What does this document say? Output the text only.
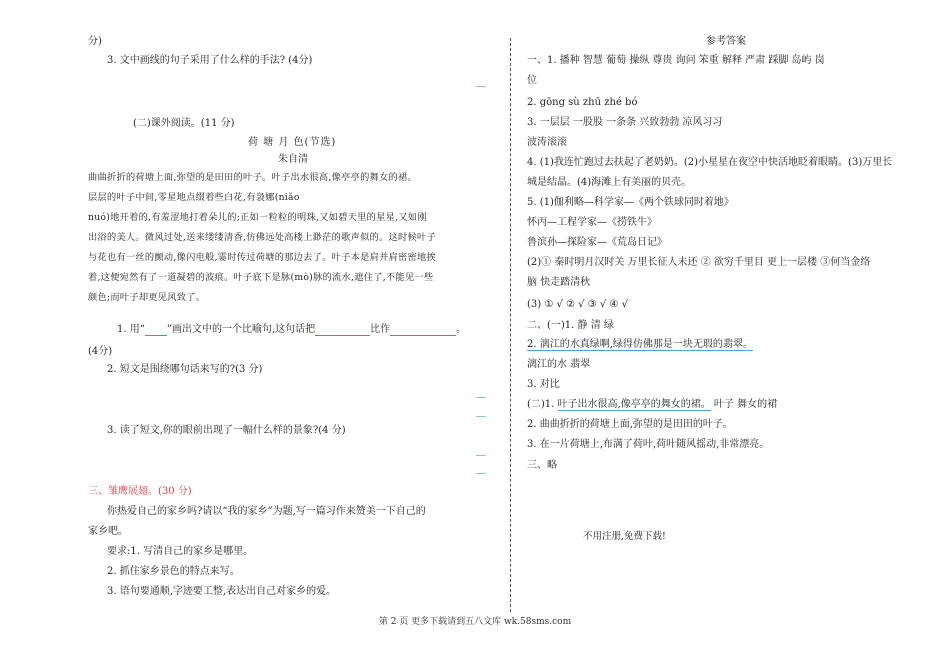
分)
3. 文中画线的句子采用了什么样的手法? (4分)
(二)课外阅读。(11 分)
荷 塘 月 色(节选)
朱自清
曲曲折折的荷塘上面,弥望的是田田的叶子。叶子出水很高,像亭亭的舞女的裙。
层层的叶子中间,零星地点缀着些白花,有袅娜(niǎo
nuó)地开着的,有羞涩地打着朵儿的;正如一粒粒的明珠,又如碧天里的星星,又如刚
出浴的美人。微风过处,送来缕缕清香,仿佛远处高楼上渺茫的歌声似的。这时候叶子
与花也有一丝的颤动,像闪电般,霎时传过荷塘的那边去了。叶子本是肩并肩密密地挨
着,这便宛然有了一道凝碧的波痕。叶子底下是脉(mò)脉的流水,遮住了,不能见一些
颜色;而叶子却更见风致了。
1. 用“ ”画出文中的一个比喻句,这句话把	比作	。
(4分)
2. 短文是围绕哪句话来写的?(3 分)
3. 读了短文,你的眼前出现了一幅什么样的景象?(4 分)
三、雏鹰展翅。(30 分)
你热爱自己的家乡吗?请以“我的家乡”为题,写一篇习作来赞美一下自己的
家乡吧。
要求:1. 写清自己的家乡是哪里。
2. 抓住家乡景色的特点来写。
3. 语句要通顺,字迹要工整,表达出自己对家乡的爱。
参考答案
一、1. 播种 智慧 葡萄 操纵 尊贵 询问 笨重 解释 严肃 踩脚 岛屿 岗
位
2. gōng sù zhū zhé bó
3. 一层层 一股股 一条条 兴致勃勃 凉风习习
波涛滚滚
4. (1)我连忙跑过去扶起了老奶奶。(2)小星星在夜空中快活地眨着眼睛。(3)万里长
城是结晶。(4)海滩上有美丽的贝壳。
5. (1)伽利略—科学家—《两个铁球同时着地》
怀丙—工程学家—《捞铁牛》
鲁滨孙—探险家—《荒岛日记》
(2)① 秦时明月汉时关 万里长征人未还 ② 欲穷千里目 更上一层楼 ③何当金络
脑 快走踏清秋
(3) ① √ ② √ ③ √ ④ √
二、(一)1. 静 清 绿
2. 漓江的水真绿啊,绿得仿佛那是一块无瑕的翡翠。
漓江的水 翡翠
3. 对比
(二)1. 叶子出水很高,像亭亭的舞女的裙。 叶子 舞女的裙
2. 曲曲折折的荷塘上面,弥望的是田田的叶子。
3. 在一片荷塘上,布满了荷叶,荷叶随风摇动,非常漂亮。
三、略
不用注册,免费下载!
第 2 页 更多下载请到五八文库 wk.58sms.com
